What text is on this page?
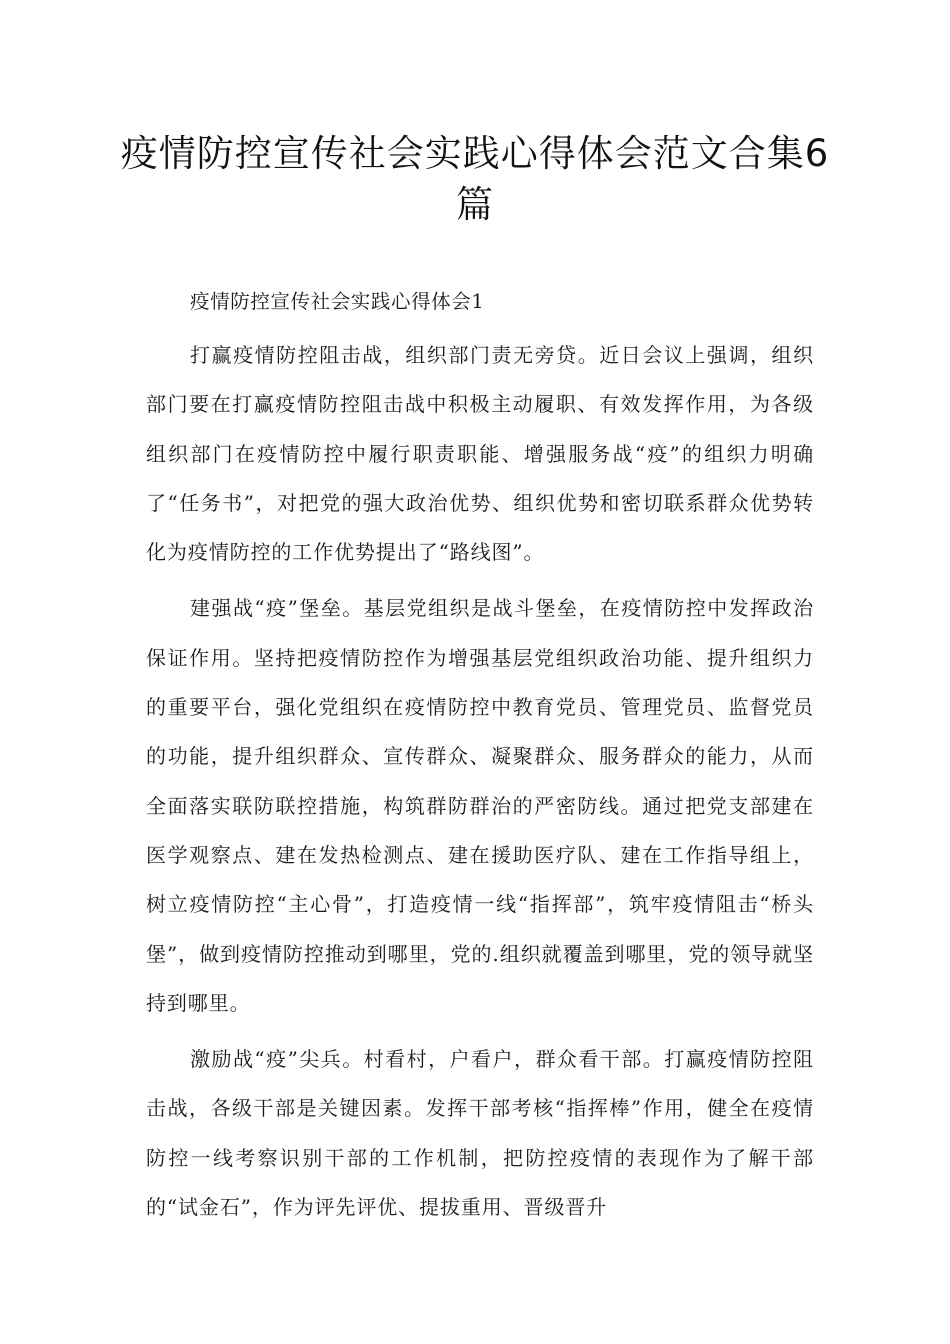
疫情防控宣传社会实践心得体会范文合集6篇

疫情防控宣传社会实践心得体会1

打赢疫情防控阻击战，组织部门责无旁贷。近日会议上强调，组织部门要在打赢疫情防控阻击战中积极主动履职、有效发挥作用，为各级组织部门在疫情防控中履行职责职能、增强服务战“疫”的组织力明确了“任务书”，对把党的强大政治优势、组织优势和密切联系群众优势转化为疫情防控的工作优势提出了“路线图”。

建强战“疫”堡垒。基层党组织是战斗堡垒，在疫情防控中发挥政治保证作用。坚持把疫情防控作为增强基层党组织政治功能、提升组织力的重要平台，强化党组织在疫情防控中教育党员、管理党员、监督党员的功能，提升组织群众、宣传群众、凝聚群众、服务群众的能力，从而全面落实联防联控措施，构筑群防群治的严密防线。通过把党支部建在医学观察点、建在发热检测点、建在援助医疗队、建在工作指导组上，树立疫情防控“主心骨”，打造疫情一线“指挥部”，筑牢疫情阻击“桥头堡”，做到疫情防控推动到哪里，党的.组织就覆盖到哪里，党的领导就坚持到哪里。

激励战“疫”尖兵。村看村，户看户，群众看干部。打赢疫情防控阻击战，各级干部是关键因素。发挥干部考核“指挥棒”作用，健全在疫情防控一线考察识别干部的工作机制，把防控疫情的表现作为了解干部的“试金石”，作为评先评优、提拔重用、晋级晋升
